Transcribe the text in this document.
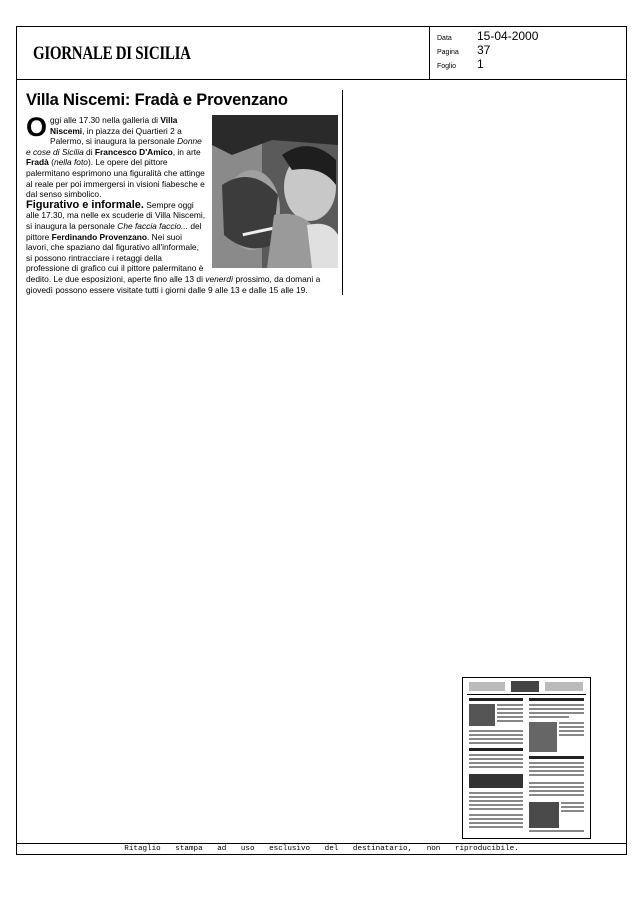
GIORNALE DI SICILIA
Data	15-04-2000
Pagina	37
Foglio	1
Villa Niscemi: Fradà e Provenzano

Oggi alle 17.30 nella galleria di Villa Niscemi, in piazza dei Quartieri 2 a Palermo, si inaugura la personale Donne e cose di Sicilia di Francesco D'Amico, in arte Fradà (nella foto). Le opere del pittore palermitano esprimono una figuralità che attinge al reale per poi immergersi in visioni fiabesche e dal senso simbolico.

Figurativo e informale. Sempre oggi alle 17.30, ma nelle ex scuderie di Villa Niscemi, si inaugura la personale Che faccia faccio... del pittore Ferdinando Provenzano. Nei suoi lavori, che spaziano dal figurativo all'informale, si possono rintracciare i retaggi della professione di grafico cui il pittore palermitano è dedito. Le due esposizioni, aperte fino alle 13 di venerdì prossimo, da domani a giovedì possono essere visitate tutti i giorni dalle 9 alle 13 e dalle 15 alle 19.

Ritaglio stampa ad uso esclusivo del destinatario, non riproducibile.
